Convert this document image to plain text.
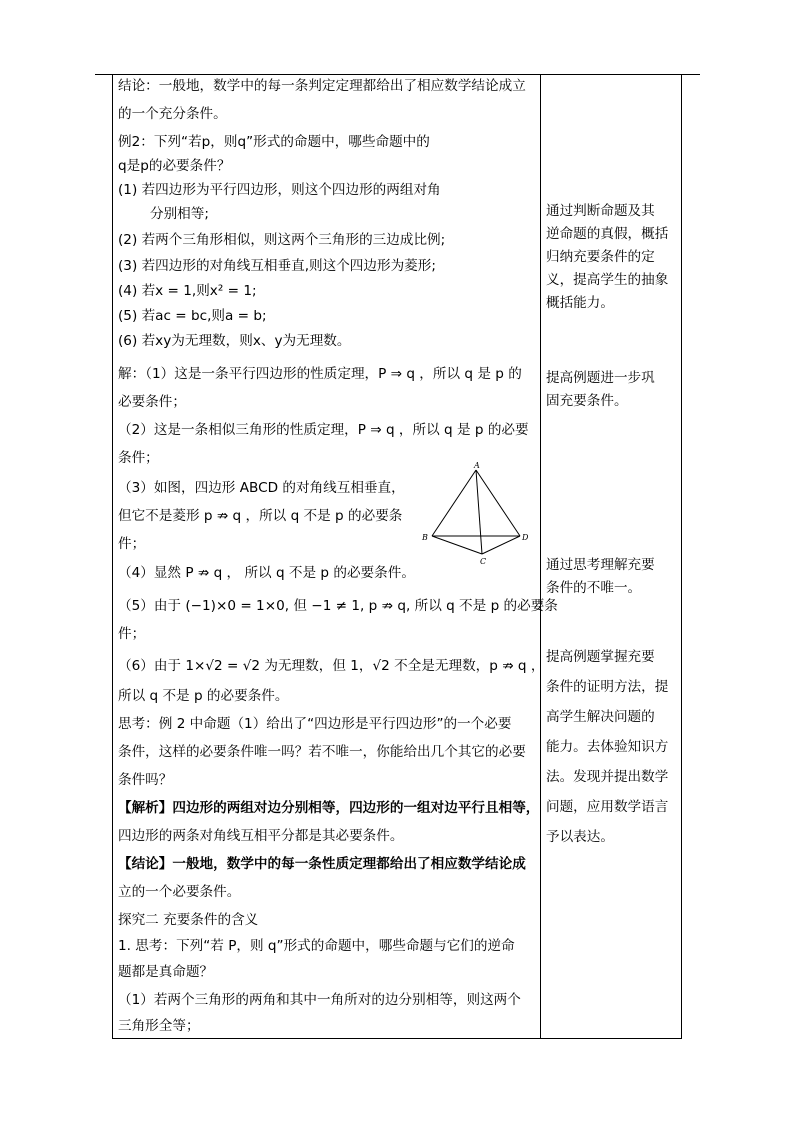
结论：一般地，数学中的每一条判定定理都给出了相应数学结论成立
的一个充分条件。
例2：下列“若p，则q”形式的命题中，哪些命题中的
q是p的必要条件？
(1) 若四边形为平行四边形，则这个四边形的两组对角
分别相等;
(2) 若两个三角形相似，则这两个三角形的三边成比例;
(3) 若四边形的对角线互相垂直,则这个四边形为菱形;
(4) 若x = 1,则x² = 1;
(5) 若ac = bc,则a = b;
(6) 若xy为无理数，则x、y为无理数。
解：（1）这是一条平行四边形的性质定理，P ⇒ q ，所以 q 是 p 的
必要条件；
（2）这是一条相似三角形的性质定理，P ⇒ q ，所以 q 是 p 的必要
条件；
（3）如图，四边形 ABCD 的对角线互相垂直，
但它不是菱形 p ⇏ q ，所以 q 不是 p 的必要条
件；
（4）显然 P ⇏ q ， 所以 q 不是 p 的必要条件。
（5）由于 (−1)×0 = 1×0, 但 −1 ≠ 1, p ⇏ q, 所以 q 不是 p 的必要条
件；
（6）由于 1×√2 = √2 为无理数，但 1，√2 不全是无理数，p ⇏ q ，
所以 q 不是 p 的必要条件。
思考：例 2 中命题（1）给出了“四边形是平行四边形”的一个必要
条件，这样的必要条件唯一吗？若不唯一，你能给出几个其它的必要
条件吗？
【解析】四边形的两组对边分别相等，四边形的一组对边平行且相等，
四边形的两条对角线互相平分都是其必要条件。
【结论】一般地，数学中的每一条性质定理都给出了相应数学结论成
立的一个必要条件。
探究二 充要条件的含义
1. 思考：下列“若 P，则 q”形式的命题中，哪些命题与它们的逆命
题都是真命题？
（1）若两个三角形的两角和其中一角所对的边分别相等，则这两个
三角形全等；
A
B
C
D
通过判断命题及其
逆命题的真假，概括
归纳充要条件的定
义，提高学生的抽象
概括能力。
提高例题进一步巩
固充要条件。
通过思考理解充要
条件的不唯一。
提高例题掌握充要
条件的证明方法，提
高学生解决问题的
能力。去体验知识方
法。发现并提出数学
问题，应用数学语言
予以表达。
